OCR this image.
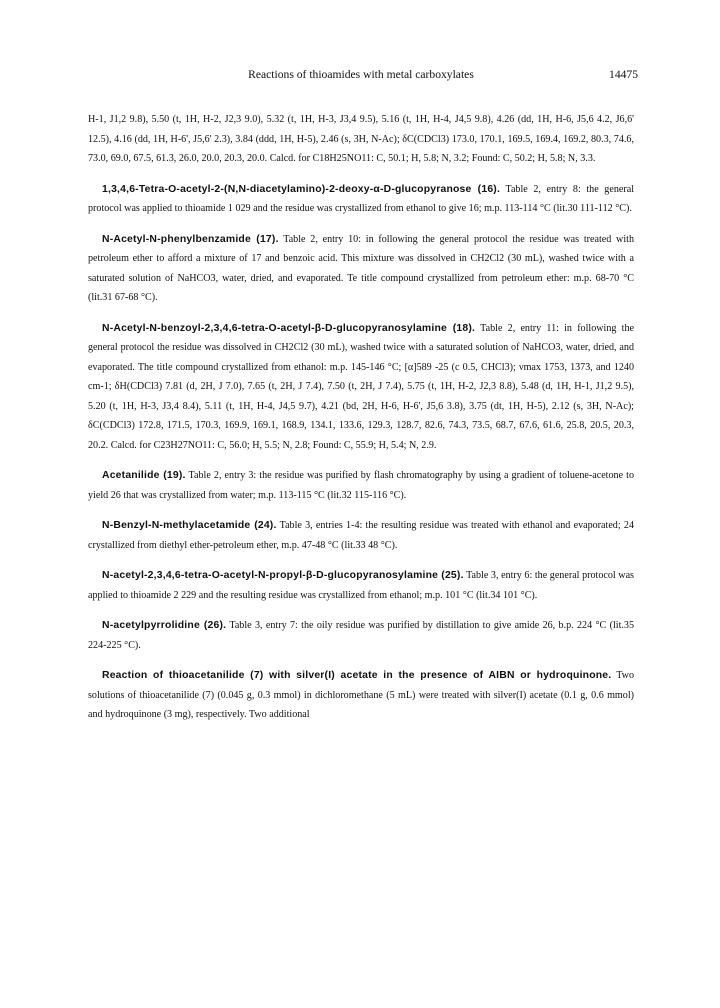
Reactions of thioamides with metal carboxylates	14475

H-1, J1,2 9.8), 5.50 (t, 1H, H-2, J2,3 9.0), 5.32 (t, 1H, H-3, J3,4 9.5), 5.16 (t, 1H, H-4, J4,5 9.8), 4.26 (dd, 1H, H-6, J5,6 4.2, J6,6' 12.5), 4.16 (dd, 1H, H-6', J5,6' 2.3), 3.84 (ddd, 1H, H-5), 2.46 (s, 3H, N-Ac); δC(CDCl3) 173.0, 170.1, 169.5, 169.4, 169.2, 80.3, 74.6, 73.0, 69.0, 67.5, 61.3, 26.0, 20.0, 20.3, 20.0. Calcd. for C18H25NO11: C, 50.1; H, 5.8; N, 3.2; Found: C, 50.2; H, 5.8; N, 3.3.

1,3,4,6-Tetra-O-acetyl-2-(N,N-diacetylamino)-2-deoxy-α-D-glucopyranose (16). Table 2, entry 8: the general protocol was applied to thioamide 1 029 and the residue was crystallized from ethanol to give 16; m.p. 113-114 °C (lit.30 111-112 °C).

N-Acetyl-N-phenylbenzamide (17). Table 2, entry 10: in following the general protocol the residue was treated with petroleum ether to afford a mixture of 17 and benzoic acid. This mixture was dissolved in CH2Cl2 (30 mL), washed twice with a saturated solution of NaHCO3, water, dried, and evaporated. Te title compound crystallized from petroleum ether: m.p. 68-70 °C (lit.31 67-68 °C).

N-Acetyl-N-benzoyl-2,3,4,6-tetra-O-acetyl-β-D-glucopyranosylamine (18). Table 2, entry 11: in following the general protocol the residue was dissolved in CH2Cl2 (30 mL), washed twice with a saturated solution of NaHCO3, water, dried, and evaporated. The title compound crystallized from ethanol: m.p. 145-146 °C; [α]589 -25 (c 0.5, CHCl3); νmax 1753, 1373, and 1240 cm-1; δH(CDCl3) 7.81 (d, 2H, J 7.0), 7.65 (t, 2H, J 7.4), 7.50 (t, 2H, J 7.4), 5.75 (t, 1H, H-2, J2,3 8.8), 5.48 (d, 1H, H-1, J1,2 9.5), 5.20 (t, 1H, H-3, J3,4 8.4), 5.11 (t, 1H, H-4, J4,5 9.7), 4.21 (bd, 2H, H-6, H-6', J5,6 3.8), 3.75 (dt, 1H, H-5), 2.12 (s, 3H, N-Ac); δC(CDCl3) 172.8, 171.5, 170.3, 169.9, 169.1, 168.9, 134.1, 133.6, 129.3, 128.7, 82.6, 74.3, 73.5, 68.7, 67.6, 61.6, 25.8, 20.5, 20.3, 20.2. Calcd. for C23H27NO11: C, 56.0; H, 5.5; N, 2.8; Found: C, 55.9; H, 5.4; N, 2.9.

Acetanilide (19). Table 2, entry 3: the residue was purified by flash chromatography by using a gradient of toluene-acetone to yield 26 that was crystallized from water; m.p. 113-115 °C (lit.32 115-116 °C).

N-Benzyl-N-methylacetamide (24). Table 3, entries 1-4: the resulting residue was treated with ethanol and evaporated; 24 crystallized from diethyl ether-petroleum ether, m.p. 47-48 °C (lit.33 48 °C).

N-acetyl-2,3,4,6-tetra-O-acetyl-N-propyl-β-D-glucopyranosylamine (25). Table 3, entry 6: the general protocol was applied to thioamide 2 229 and the resulting residue was crystallized from ethanol; m.p. 101 °C (lit.34 101 °C).

N-acetylpyrrolidine (26). Table 3, entry 7: the oily residue was purified by distillation to give amide 26, b.p. 224 °C (lit.35 224-225 °C).

Reaction of thioacetanilide (7) with silver(I) acetate in the presence of AIBN or hydroquinone. Two solutions of thioacetanilide (7) (0.045 g, 0.3 mmol) in dichloromethane (5 mL) were treated with silver(I) acetate (0.1 g, 0.6 mmol) and hydroquinone (3 mg), respectively. Two additional
